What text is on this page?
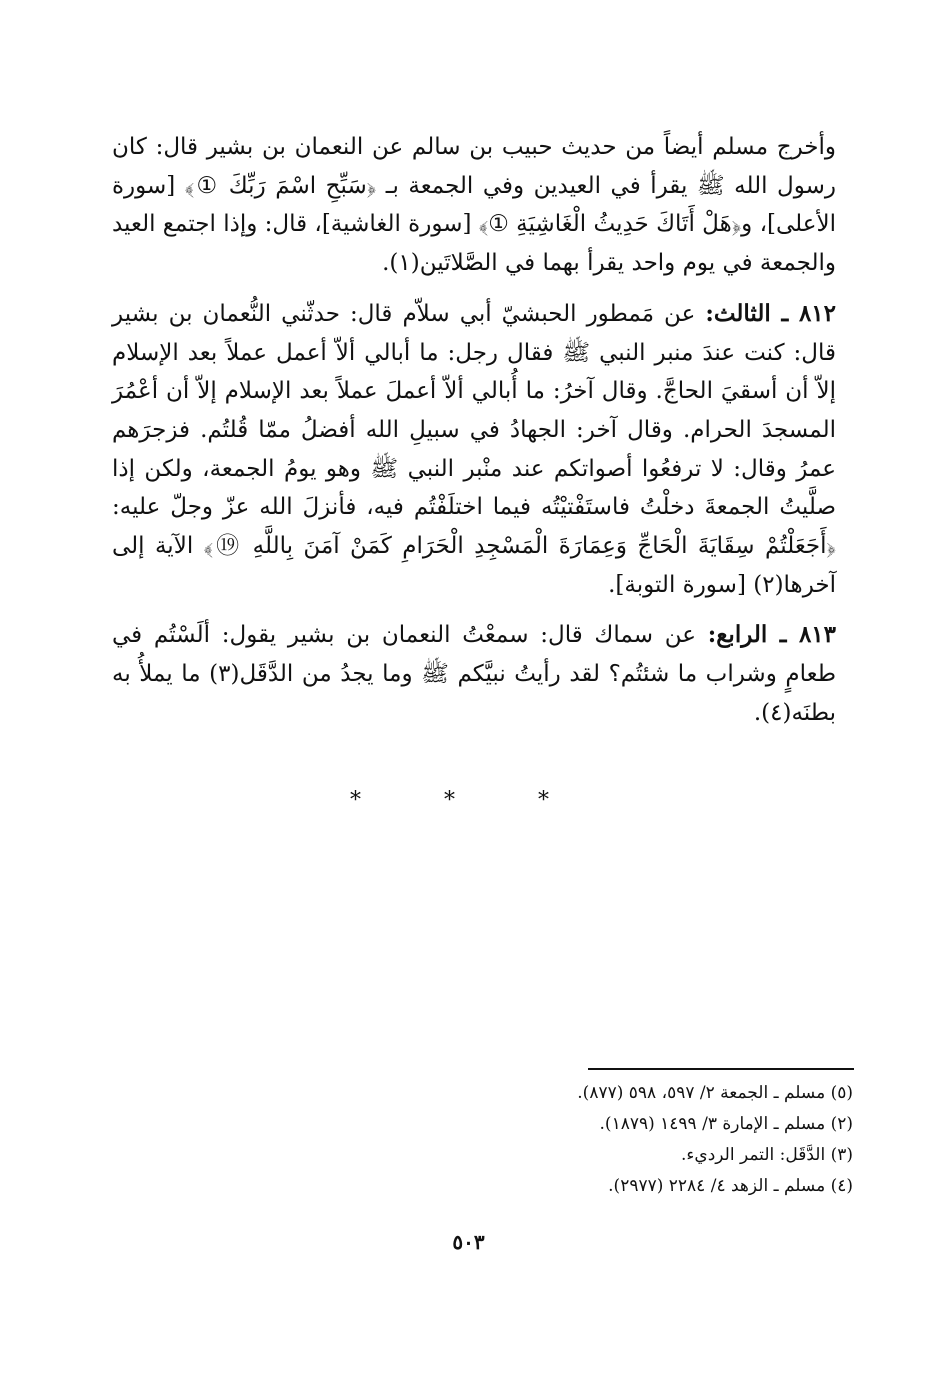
وأخرج مسلم أيضاً من حديث حبيب بن سالم عن النعمان بن بشير قال: كان رسول الله ﷺ يقرأ في العيدين وفي الجمعة بـ ﴿سَبِّحِ اسْمَ رَبِّكَ ①﴾ [سورة الأعلى]، و﴿هَلْ أَتَاكَ حَدِيثُ الْغَاشِيَةِ ①﴾ [سورة الغاشية]، قال: وإذا اجتمع العيد والجمعة في يوم واحد يقرأ بهما في الصَّلاتَين(١).

٨١٢ ـ الثالث: عن مَمطور الحبشيّ أبي سلاّم قال: حدثّني النُّعمان بن بشير قال: كنت عندَ منبر النبي ﷺ فقال رجل: ما أبالي ألاّ أعمل عملاً بعد الإسلام إلاّ أن أسقيَ الحاجَّ. وقال آخرُ: ما أُبالي ألاّ أعملَ عملاً بعد الإسلام إلاّ أن أعْمُرَ المسجدَ الحرام. وقال آخر: الجهادُ في سبيلِ الله أفضلُ ممّا قُلتُم. فزجرَهم عمرُ وقال: لا ترفعُوا أصواتكم عند منْبر النبي ﷺ وهو يومُ الجمعة، ولكن إذا صلَّيتُ الجمعةَ دخلْتُ فاستَفْتيْتُه فيما اختلَفْتُم فيه، فأنزلَ الله عزّ وجلّ عليه: ﴿أَجَعَلْتُمْ سِقَايَةَ الْحَاجِّ وَعِمَارَةَ الْمَسْجِدِ الْحَرَامِ كَمَنْ آمَنَ بِاللَّهِ ⑲﴾ الآية إلى آخرها(٢) [سورة التوبة].

٨١٣ ـ الرابع: عن سماك قال: سمعْتُ النعمان بن بشير يقول: ألَسْتُم في طعامٍ وشراب ما شئتُم؟ لقد رأيتُ نبيَّكم ﷺ وما يجدُ من الدَّقَل(٣) ما يملأُ به بطنَه(٤).

* * *

(٥) مسلم ـ الجمعة ٢/ ٥٩٧، ٥٩٨ (٨٧٧).

(٢) مسلم ـ الإمارة ٣/ ١٤٩٩ (١٨٧٩).

(٣) الدَّقَل: التمر الرديء.

(٤) مسلم ـ الزهد ٤/ ٢٢٨٤ (٢٩٧٧).

٥٠٣
